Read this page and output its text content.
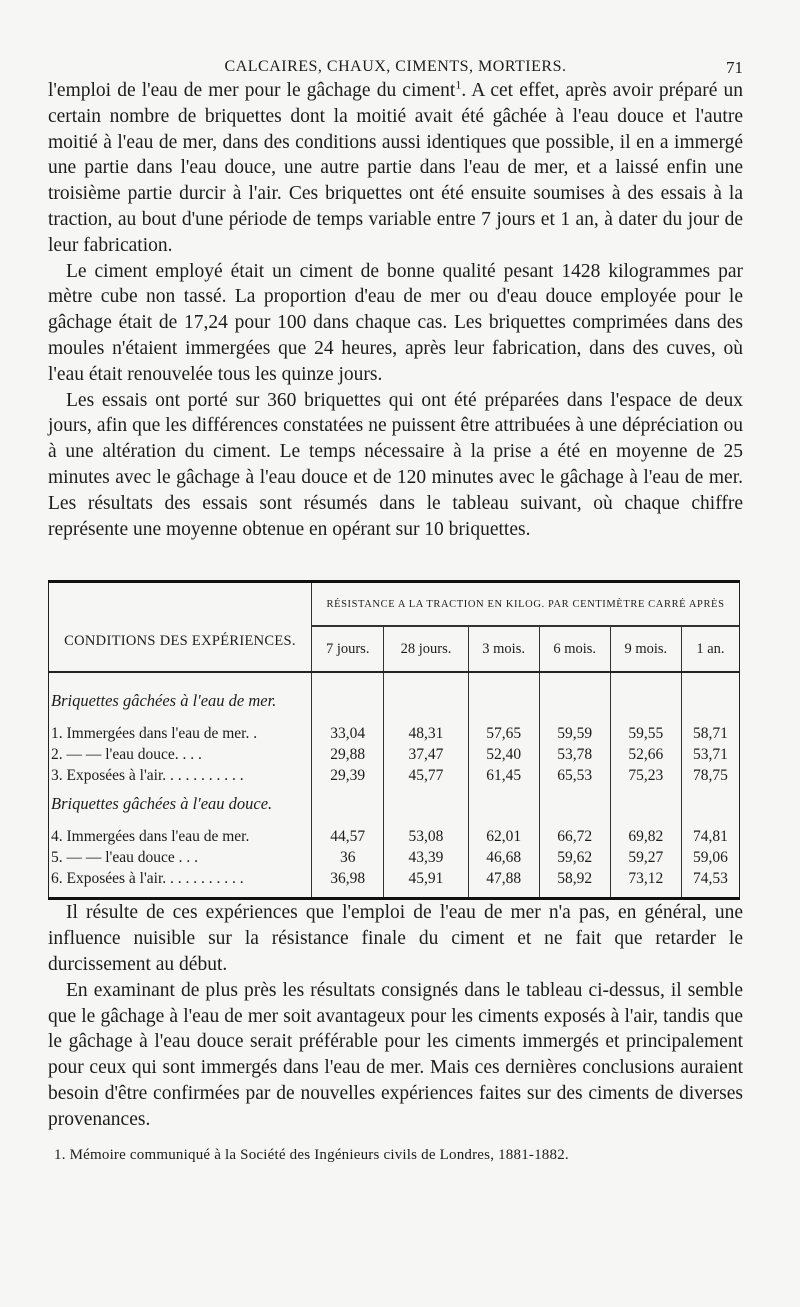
CALCAIRES, CHAUX, CIMENTS, MORTIERS.	71

l'emploi de l'eau de mer pour le gâchage du ciment$^1$. A cet effet, après avoir préparé un certain nombre de briquettes dont la moitié avait été gâchée à l'eau douce et l'autre moitié à l'eau de mer, dans des conditions aussi identiques que possible, il en a immergé une partie dans l'eau douce, une autre partie dans l'eau de mer, et a laissé enfin une troisième partie durcir à l'air. Ces briquettes ont été ensuite soumises à des essais à la traction, au bout d'une période de temps variable entre 7 jours et 1 an, à dater du jour de leur fabrication.

Le ciment employé était un ciment de bonne qualité pesant 1428 kilogrammes par mètre cube non tassé. La proportion d'eau de mer ou d'eau douce employée pour le gâchage était de 17,24 pour 100 dans chaque cas. Les briquettes comprimées dans des moules n'étaient immergées que 24 heures, après leur fabrication, dans des cuves, où l'eau était renouvelée tous les quinze jours.

Les essais ont porté sur 360 briquettes qui ont été préparées dans l'espace de deux jours, afin que les différences constatées ne puissent être attribuées à une dépréciation ou à une altération du ciment. Le temps nécessaire à la prise a été en moyenne de 25 minutes avec le gâchage à l'eau douce et de 120 minutes avec le gâchage à l'eau de mer. Les résultats des essais sont résumés dans le tableau suivant, où chaque chiffre représente une moyenne obtenue en opérant sur 10 briquettes.

CONDITIONS DES EXPÉRIENCES.	RÉSISTANCE A LA TRACTION EN KILOG. PAR CENTIMÈTRE CARRÉ APRÈS					
	7 jours.	28 jours.	3 mois.	6 mois.	9 mois.	1 an.

Briquettes gâchées à l'eau de mer.						

1. Immergées dans l'eau de mer. .	33,04	48,31	57,65	59,59	59,55	58,71
2. — — l'eau douce. . . .	29,88	37,47	52,40	53,78	52,66	53,71
3. Exposées à l'air. . . . . . . . . . .	29,39	45,77	61,45	65,53	75,23	78,75
Briquettes gâchées à l'eau douce.						

4. Immergées dans l'eau de mer.	44,57	53,08	62,01	66,72	69,82	74,81
5. — — l'eau douce . . .	36	43,39	46,68	59,62	59,27	59,06
6. Exposées à l'air. . . . . . . . . . .	36,98	45,91	47,88	58,92	73,12	74,53

Il résulte de ces expériences que l'emploi de l'eau de mer n'a pas, en général, une influence nuisible sur la résistance finale du ciment et ne fait que retarder le durcissement au début.

En examinant de plus près les résultats consignés dans le tableau ci-dessus, il semble que le gâchage à l'eau de mer soit avantageux pour les ciments exposés à l'air, tandis que le gâchage à l'eau douce serait préférable pour les ciments immergés et principalement pour ceux qui sont immergés dans l'eau de mer. Mais ces dernières conclusions auraient besoin d'être confirmées par de nouvelles expériences faites sur des ciments de diverses provenances.

1. Mémoire communiqué à la Société des Ingénieurs civils de Londres, 1881-1882.
